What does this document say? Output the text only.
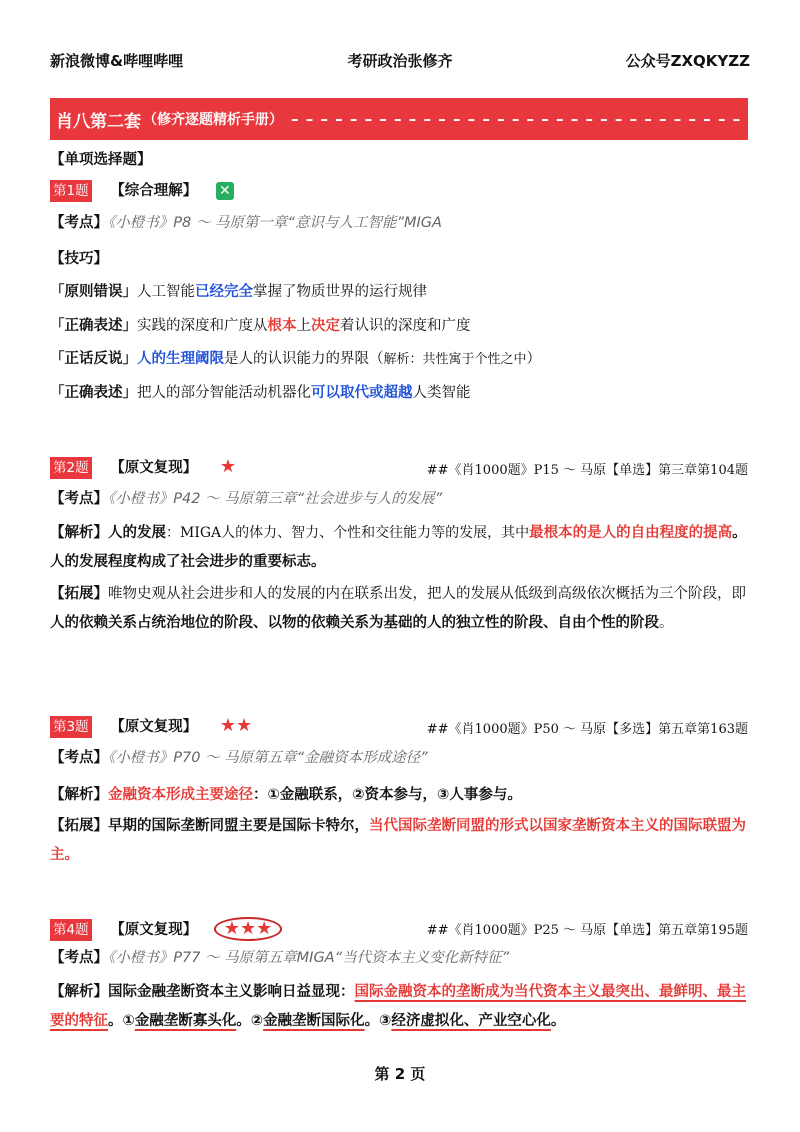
新浪微博&哔哩哔哩	考研政治张修齐	公众号ZXQKYZZ
肖八第二套 （修齐逐题精析手册） – – – – – – – – – – – – – – – – – – – – – – – – – – – – – – –
【单项选择题】
第1题 【综合理解】 ✕
【考点】《小橙书》P8 ～ 马原第一章“意识与人工智能”MIGA
【技巧】
「原则错误」人工智能已经完全掌握了物质世界的运行规律
「正确表述」实践的深度和广度从根本上决定着认识的深度和广度
「正话反说」人的生理阈限是人的认识能力的界限（解析：共性寓于个性之中）
「正确表述」把人的部分智能活动机器化可以取代或超越人类智能
第2题 【原文复现】 ★	##《肖1000题》P15 ～ 马原【单选】第三章第104题
【考点】《小橙书》P42 ～ 马原第三章“社会进步与人的发展”
【解析】人的发展：MIGA人的体力、智力、个性和交往能力等的发展，其中最根本的是人的自由程度的提高。人的发展程度构成了社会进步的重要标志。
【拓展】唯物史观从社会进步和人的发展的内在联系出发，把人的发展从低级到高级依次概括为三个阶段，即人的依赖关系占统治地位的阶段、以物的依赖关系为基础的人的独立性的阶段、自由个性的阶段。
第3题 【原文复现】 ★★	##《肖1000题》P50 ～ 马原【多选】第五章第163题
【考点】《小橙书》P70 ～ 马原第五章“金融资本形成途径”
【解析】金融资本形成主要途径：①金融联系，②资本参与，③人事参与。
【拓展】早期的国际垄断同盟主要是国际卡特尔，当代国际垄断同盟的形式以国家垄断资本主义的国际联盟为主。
第4题 【原文复现】 ★★★	##《肖1000题》P25 ～ 马原【单选】第五章第195题
【考点】《小橙书》P77 ～ 马原第五章MIGA“当代资本主义变化新特征”
【解析】国际金融垄断资本主义影响日益显现：国际金融资本的垄断成为当代资本主义最突出、最鲜明、最主要的特征。①金融垄断寡头化。②金融垄断国际化。③经济虚拟化、产业空心化。
第 2 页
